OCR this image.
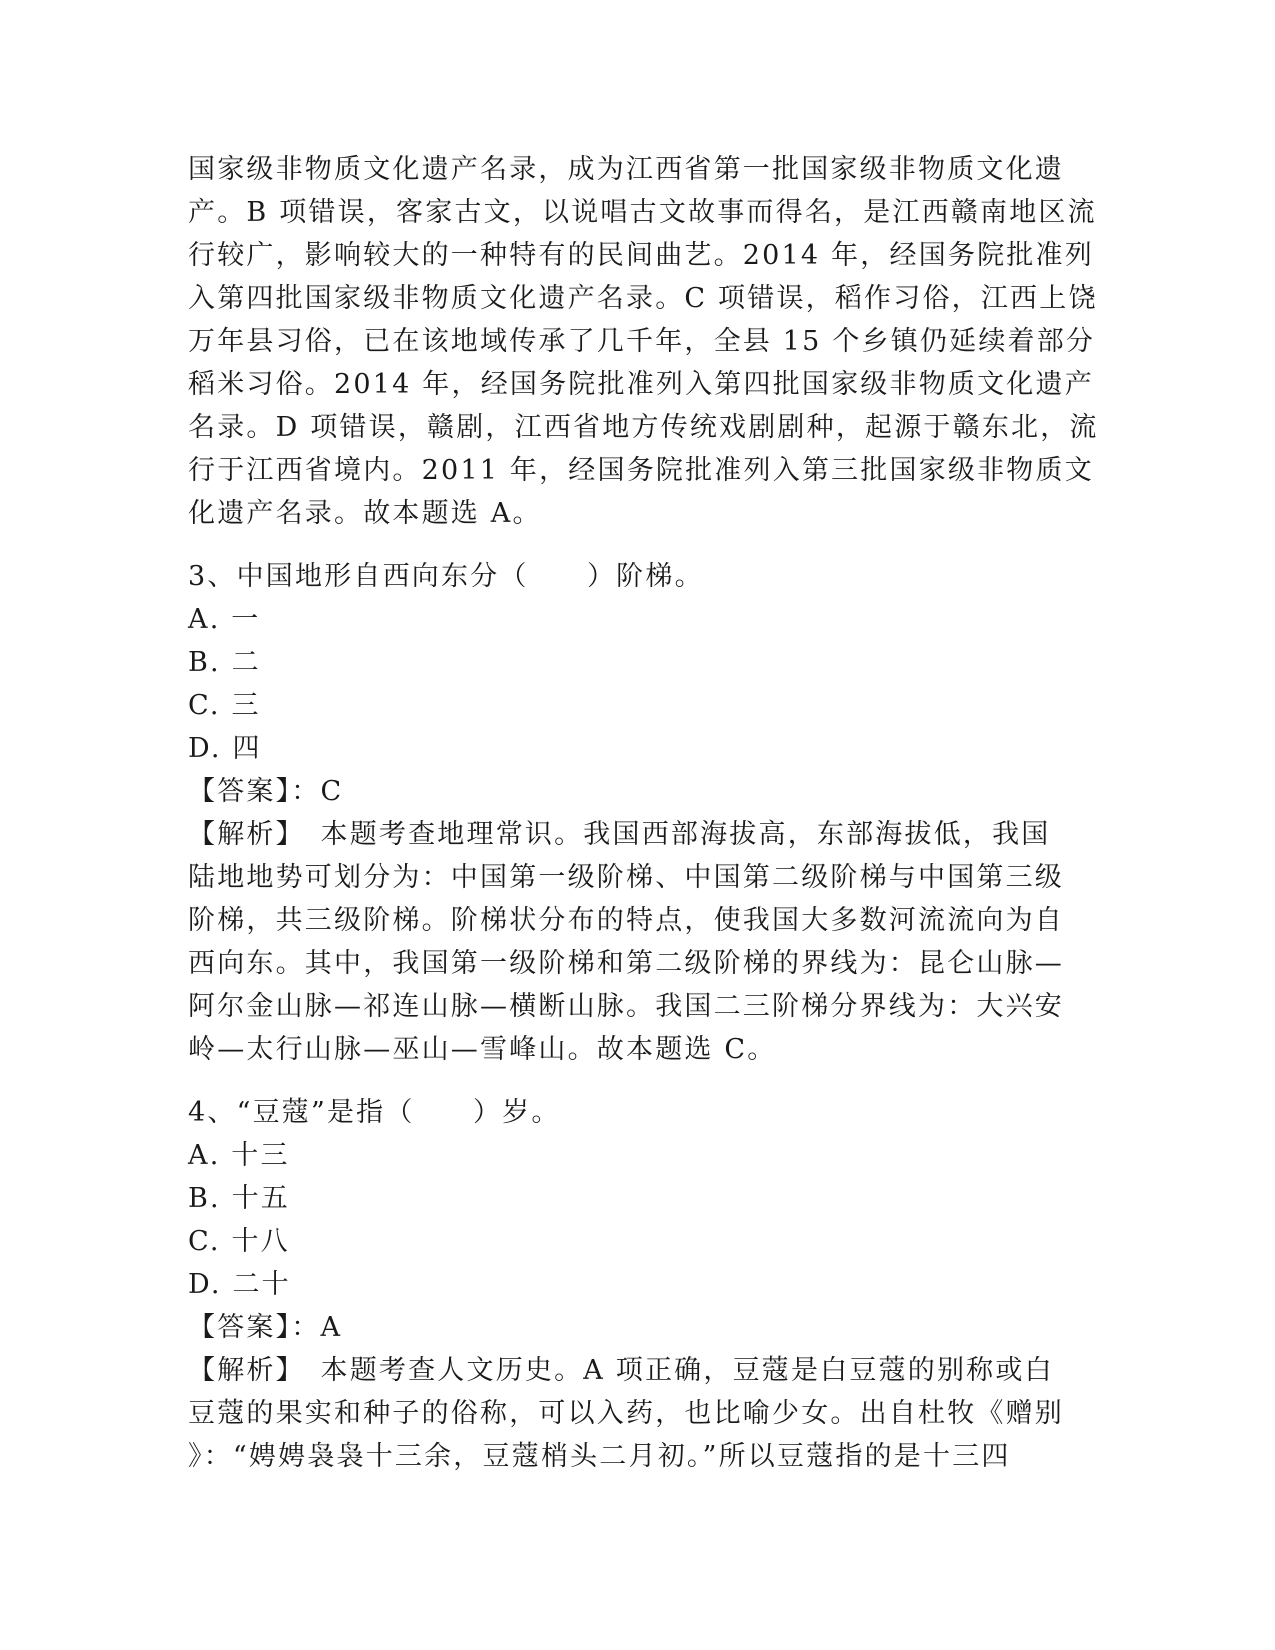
国家级非物质文化遗产名录，成为江西省第一批国家级非物质文化遗
产。B 项错误，客家古文，以说唱古文故事而得名，是江西赣南地区流
行较广，影响较大的一种特有的民间曲艺。2014 年，经国务院批准列
入第四批国家级非物质文化遗产名录。C 项错误，稻作习俗，江西上饶
万年县习俗，已在该地域传承了几千年，全县 15 个乡镇仍延续着部分
稻米习俗。2014 年，经国务院批准列入第四批国家级非物质文化遗产
名录。D 项错误，赣剧，江西省地方传统戏剧剧种，起源于赣东北，流
行于江西省境内。2011 年，经国务院批准列入第三批国家级非物质文
化遗产名录。故本题选 A。
3、中国地形自西向东分（　　）阶梯。
A. 一
B. 二
C. 三
D. 四
【答案】：C
【解析】　本题考查地理常识。我国西部海拔高，东部海拔低，我国
陆地地势可划分为：中国第一级阶梯、中国第二级阶梯与中国第三级
阶梯，共三级阶梯。阶梯状分布的特点，使我国大多数河流流向为自
西向东。其中，我国第一级阶梯和第二级阶梯的界线为：昆仑山脉—
阿尔金山脉—祁连山脉—横断山脉。我国二三阶梯分界线为：大兴安
岭—太行山脉—巫山—雪峰山。故本题选 C。
4、“豆蔻”是指（　　）岁。
A. 十三
B. 十五
C. 十八
D. 二十
【答案】：A
【解析】　本题考查人文历史。A 项正确，豆蔻是白豆蔻的别称或白
豆蔻的果实和种子的俗称，可以入药，也比喻少女。出自杜牧《赠别
》：“娉娉袅袅十三余，豆蔻梢头二月初。”所以豆蔻指的是十三四
